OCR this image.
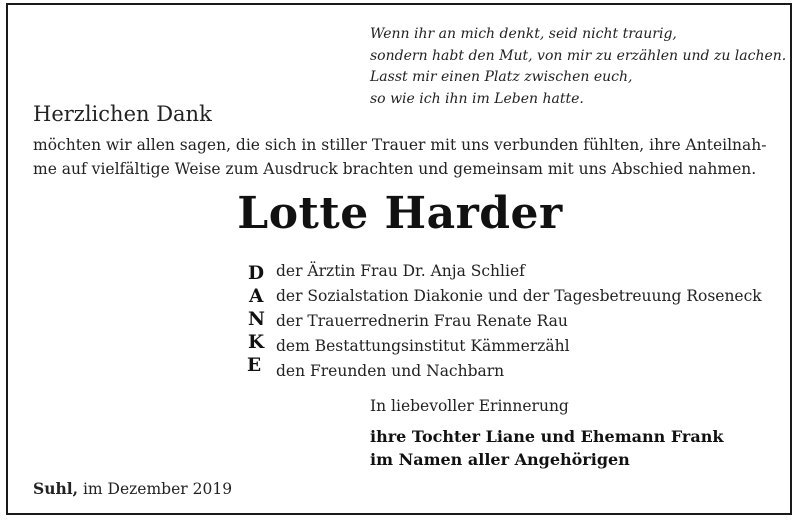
Wenn ihr an mich denkt, seid nicht traurig,
sondern habt den Mut, von mir zu erzählen und zu lachen.
Lasst mir einen Platz zwischen euch,
so wie ich ihn im Leben hatte.
Herzlichen Dank
möchten wir allen sagen, die sich in stiller Trauer mit uns verbunden fühlten, ihre Anteilnah-
me auf vielfältige Weise zum Ausdruck brachten und gemeinsam mit uns Abschied nahmen.
Lotte Harder
D
A
N
K
E
der Ärztin Frau Dr. Anja Schlief
der Sozialstation Diakonie und der Tagesbetreuung Roseneck
der Trauerrednerin Frau Renate Rau
dem Bestattungsinstitut Kämmerzähl
den Freunden und Nachbarn
In liebevoller Erinnerung
ihre Tochter Liane und Ehemann Frank
im Namen aller Angehörigen
Suhl, im Dezember 2019
